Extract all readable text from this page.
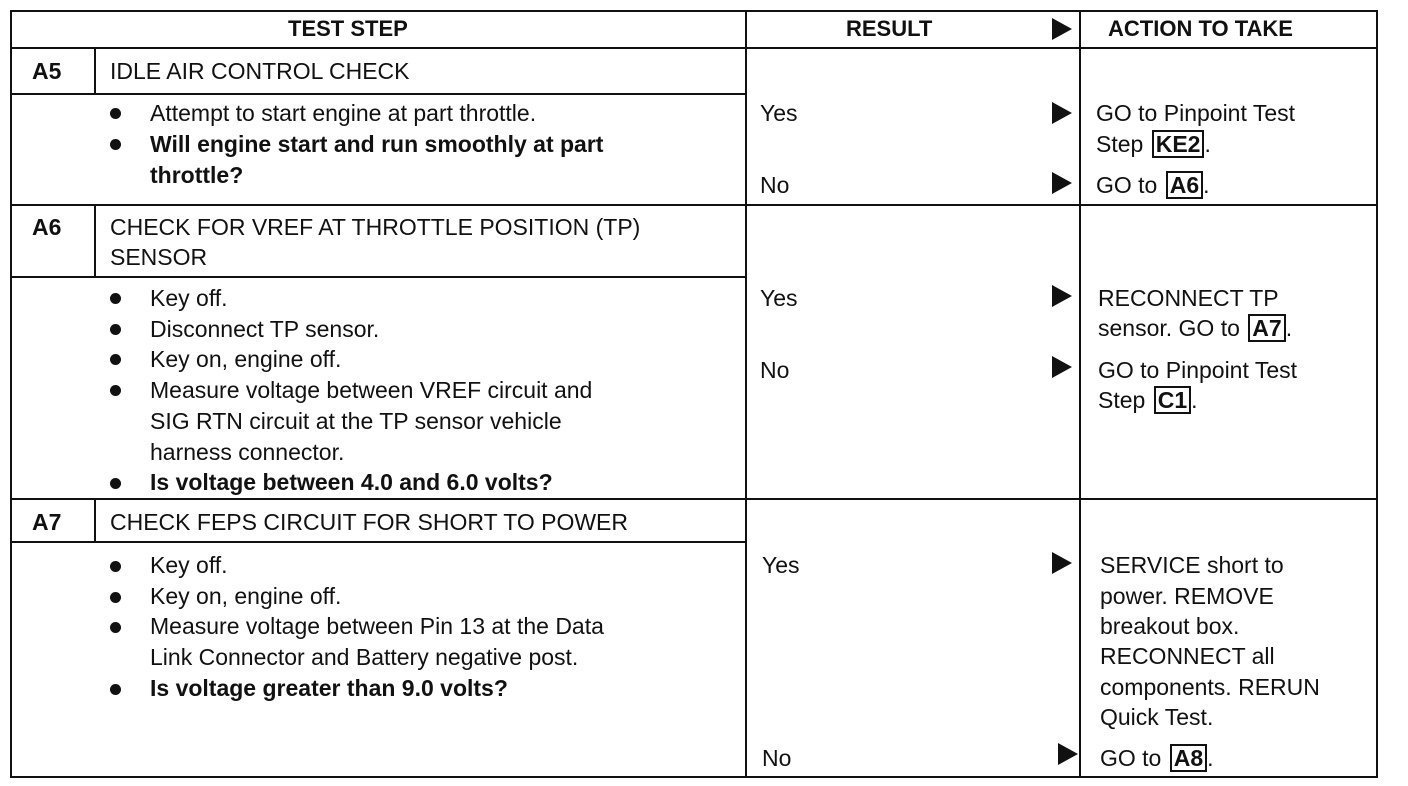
TEST STEP	RESULT	ACTION TO TAKE
A5 IDLE AIR CONTROL CHECK
Attempt to start engine at part throttle.
Will engine start and run smoothly at part
throttle?
Yes	GO to Pinpoint Test
Step KE2 .
No	GO to A6 .
A6 CHECK FOR VREF AT THROTTLE POSITION (TP)
SENSOR
Key off.
Disconnect TP sensor.
Key on, engine off.
Measure voltage between VREF circuit and
SIG RTN circuit at the TP sensor vehicle
harness connector.
Is voltage between 4.0 and 6.0 volts?
Yes	RECONNECT TP
sensor. GO to A7 .
No	GO to Pinpoint Test
Step C1 .
A7 CHECK FEPS CIRCUIT FOR SHORT TO POWER
Key off.
Key on, engine off.
Measure voltage between Pin 13 at the Data
Link Connector and Battery negative post.
Is voltage greater than 9.0 volts?
Yes	SERVICE short to
power. REMOVE
breakout box.
RECONNECT all
components. RERUN
Quick Test.
No	GO to A8 .
